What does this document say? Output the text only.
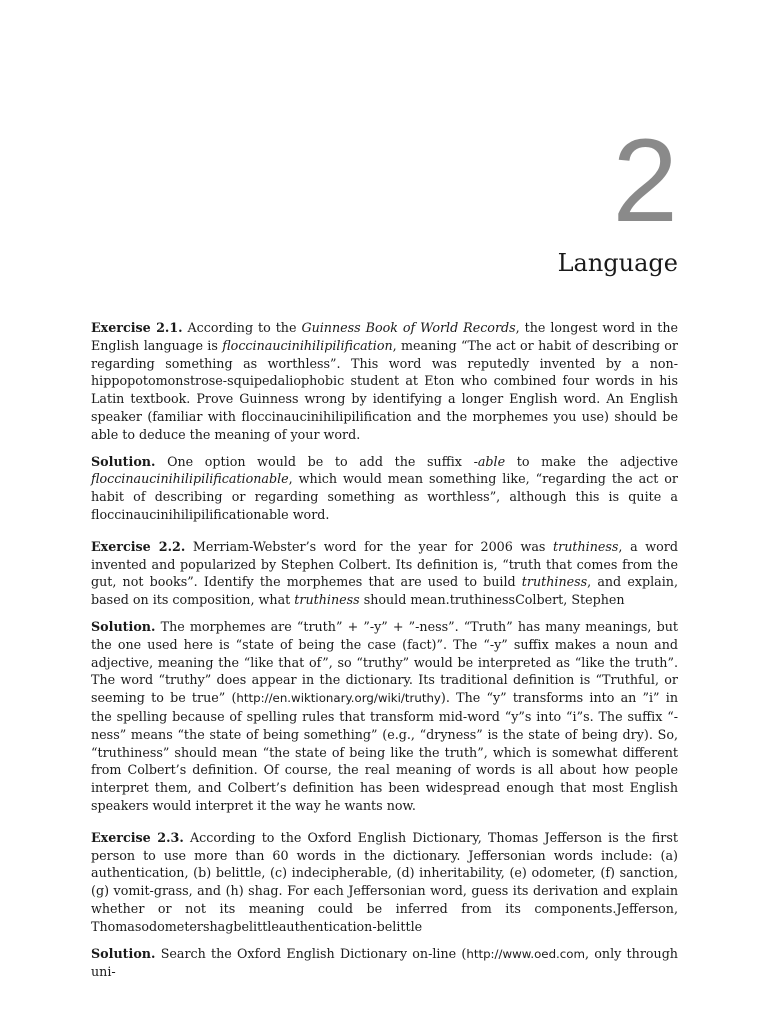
2
Language

Exercise 2.1. According to the Guinness Book of World Records, the longest word in the English language is floccinaucinihilipilification, meaning “The act or habit of describing or regarding something as worthless”. This word was reputedly invented by a non-hippopotomonstrose-squipedaliophobic student at Eton who combined four words in his Latin textbook. Prove Guinness wrong by identifying a longer English word. An English speaker (familiar with floccinaucinihilipilification and the morphemes you use) should be able to deduce the meaning of your word.

Solution. One option would be to add the suffix -able to make the adjective floccinaucinihilipilificationable, which would mean something like, “regarding the act or habit of describing or regarding something as worthless”, although this is quite a floccinaucinihilipilificationable word.

Exercise 2.2. Merriam-Webster’s word for the year for 2006 was truthiness, a word invented and popularized by Stephen Colbert. Its definition is, “truth that comes from the gut, not books”. Identify the morphemes that are used to build truthiness, and explain, based on its composition, what truthiness should mean.truthinessColbert, Stephen

Solution. The morphemes are “truth” + ”-y” + ”-ness”. “Truth” has many meanings, but the one used here is “state of being the case (fact)”. The “-y” suffix makes a noun and adjective, meaning the “like that of”, so “truthy” would be interpreted as “like the truth”. The word “truthy” does appear in the dictionary. Its traditional definition is “Truthful, or seeming to be true” (http://en.wiktionary.org/wiki/truthy). The “y” transforms into an ”i” in the spelling because of spelling rules that transform mid-word “y”s into “i”s. The suffix “-ness” means “the state of being something” (e.g., “dryness” is the state of being dry). So, “truthiness” should mean “the state of being like the truth”, which is somewhat different from Colbert’s definition. Of course, the real meaning of words is all about how people interpret them, and Colbert’s definition has been widespread enough that most English speakers would interpret it the way he wants now.

Exercise 2.3. According to the Oxford English Dictionary, Thomas Jefferson is the first person to use more than 60 words in the dictionary. Jeffersonian words include: (a) authentication, (b) belittle, (c) indecipherable, (d) inheritability, (e) odometer, (f) sanction, (g) vomit-grass, and (h) shag. For each Jeffersonian word, guess its derivation and explain whether or not its meaning could be inferred from its components.Jefferson, Thomasodometershagbelittleauthentication-belittle

Solution. Search the Oxford English Dictionary on-line (http://www.oed.com, only through uni-
